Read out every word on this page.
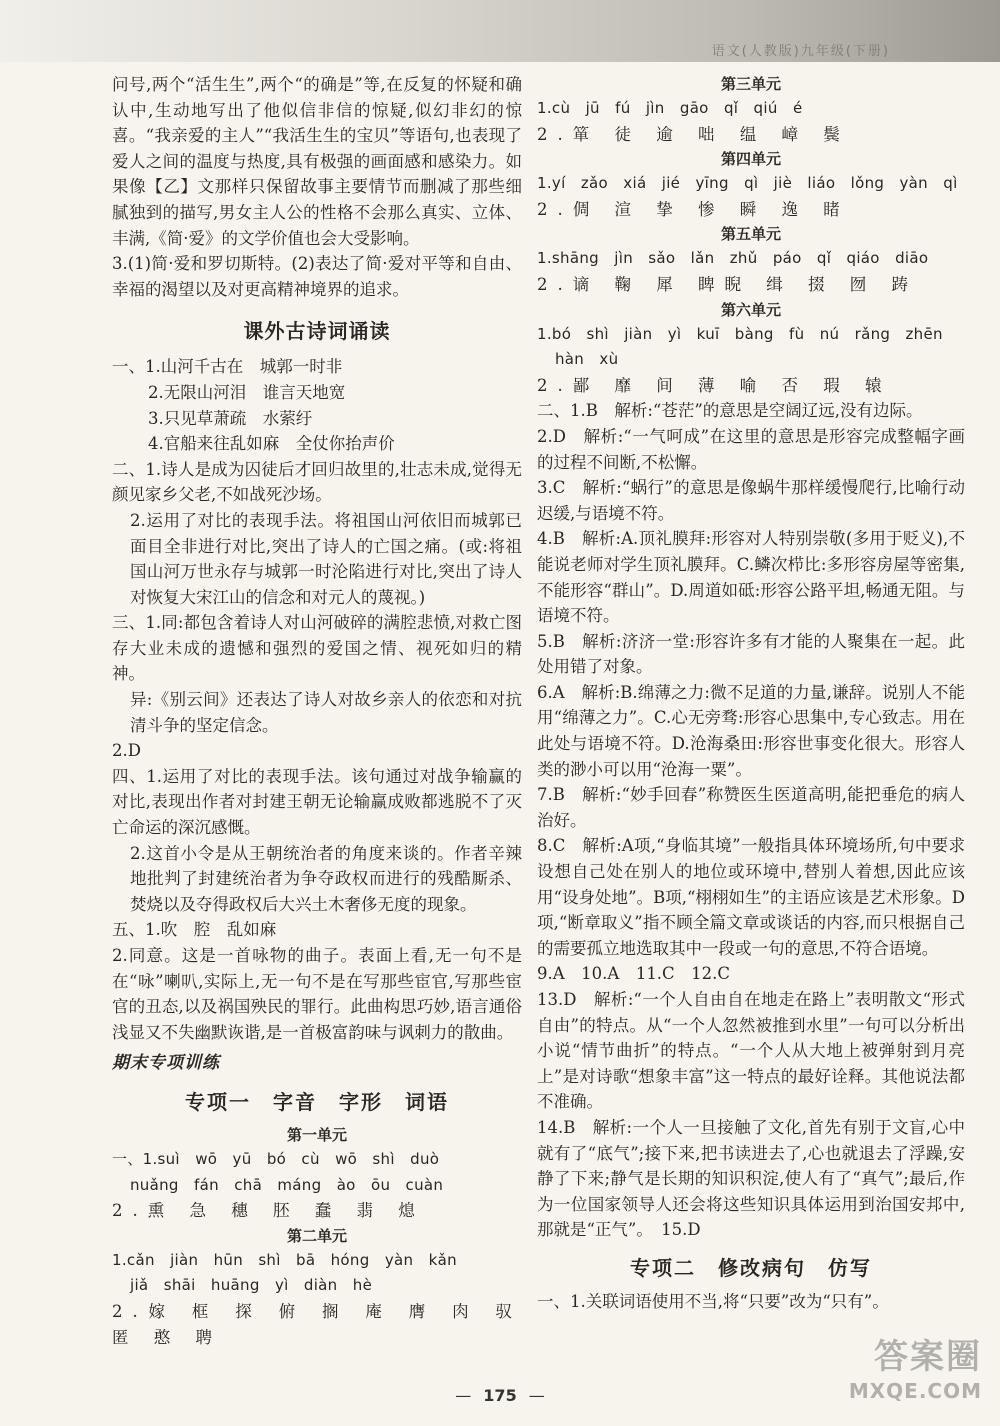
语文(人教版)九年级(下册)

问号,两个“活生生”,两个“的确是”等,在反复的怀疑和确认中,生动地写出了他似信非信的惊疑,似幻非幻的惊喜。“我亲爱的主人”“我活生生的宝贝”等语句,也表现了爱人之间的温度与热度,具有极强的画面感和感染力。如果像【乙】文那样只保留故事主要情节而删减了那些细腻独到的描写,男女主人公的性格不会那么真实、立体、丰满,《简·爱》的文学价值也会大受影响。

3.(1)简·爱和罗切斯特。(2)表达了简·爱对平等和自由、幸福的渴望以及对更高精神境界的追求。

课外古诗词诵读

一、1.山河千古在　城郭一时非

2.无限山河泪　谁言天地宽

3.只见草萧疏　水萦纡

4.官船来往乱如麻　全仗你抬声价

二、1.诗人是成为囚徒后才回归故里的,壮志未成,觉得无颜见家乡父老,不如战死沙场。

2.运用了对比的表现手法。将祖国山河依旧而城郭已面目全非进行对比,突出了诗人的亡国之痛。(或:将祖国山河万世永存与城郭一时沦陷进行对比,突出了诗人对恢复大宋江山的信念和对元人的蔑视。)

三、1.同:都包含着诗人对山河破碎的满腔悲愤,对救亡图存大业未成的遗憾和强烈的爱国之情、视死如归的精神。

异:《别云间》还表达了诗人对故乡亲人的依恋和对抗清斗争的坚定信念。

2.D

四、1.运用了对比的表现手法。该句通过对战争输赢的对比,表现出作者对封建王朝无论输赢成败都逃脱不了灭亡命运的深沉感慨。

2.这首小令是从王朝统治者的角度来谈的。作者辛辣地批判了封建统治者为争夺政权而进行的残酷厮杀、焚烧以及夺得政权后大兴土木奢侈无度的现象。

五、1.吹　腔　乱如麻

2.同意。这是一首咏物的曲子。表面上看,无一句不是在“咏”喇叭,实际上,无一句不是在写那些宦官,写那些宦官的丑态,以及祸国殃民的罪行。此曲构思巧妙,语言通俗浅显又不失幽默诙谐,是一首极富韵味与讽刺力的散曲。

期末专项训练
专项一　字音　字形　词语

第一单元

一、1.suì　wō　yū　bó　cù　wō　shì　duò

nuǎng　fán　chā　máng　ào　ōu　cuàn

2.熏 急 穗 胚 蠢 翡 熄

第二单元

1.cǎn　jiàn　hūn　shì　bā　hóng　yàn　kǎn

jiǎ　shāi　huāng　yì　diàn　hè

2.嫁 框 探 俯 搁 庵 膺 肉 驭 匿 憨 聘

第三单元

1.cù　jū　fú　jìn　gāo　qǐ　qiú　é

2.箪 徒 逾 咄 缊 嶂 鬓

第四单元

1.yí　zǎo　xiá　jié　yīng　qì　jiè　liáo　lǒng　yàn　qì

2.倜 渲 挚 惨 瞬 逸 睹

第五单元

1.shāng　jìn　sǎo　lǎn　zhǔ　páo　qǐ　qiáo　diāo

2.谪 鞠 犀 睥睨 缉 掇 囫 踌

第六单元

1.bó　shì　jiàn　yì　kuī　bàng　fù　nú　rǎng　zhēn

hàn　xù

2.鄙 靡 间 薄 喻 否 瑕 辕

二、1.B　解析:“苍茫”的意思是空阔辽远,没有边际。

2.D　解析:“一气呵成”在这里的意思是形容完成整幅字画的过程不间断,不松懈。

3.C　解析:“蜗行”的意思是像蜗牛那样缓慢爬行,比喻行动迟缓,与语境不符。

4.B　解析:A.顶礼膜拜:形容对人特别崇敬(多用于贬义),不能说老师对学生顶礼膜拜。C.鳞次栉比:多形容房屋等密集,不能形容“群山”。D.周道如砥:形容公路平坦,畅通无阻。与语境不符。

5.B　解析:济济一堂:形容许多有才能的人聚集在一起。此处用错了对象。

6.A　解析:B.绵薄之力:微不足道的力量,谦辞。说别人不能用“绵薄之力”。C.心无旁骛:形容心思集中,专心致志。用在此处与语境不符。D.沧海桑田:形容世事变化很大。形容人类的渺小可以用“沧海一粟”。

7.B　解析:“妙手回春”称赞医生医道高明,能把垂危的病人治好。

8.C　解析:A项,“身临其境”一般指具体环境场所,句中要求设想自己处在别人的地位或环境中,替别人着想,因此应该用“设身处地”。B项,“栩栩如生”的主语应该是艺术形象。D项,“断章取义”指不顾全篇文章或谈话的内容,而只根据自己的需要孤立地选取其中一段或一句的意思,不符合语境。

9.A　10.A　11.C　12.C

13.D　解析:“一个人自由自在地走在路上”表明散文“形式自由”的特点。从“一个人忽然被推到水里”一句可以分析出小说“情节曲折”的特点。“一个人从大地上被弹射到月亮上”是对诗歌“想象丰富”这一特点的最好诠释。其他说法都不准确。

14.B　解析:一个人一旦接触了文化,首先有别于文盲,心中就有了“底气”;接下来,把书读进去了,心也就退去了浮躁,安静了下来;静气是长期的知识积淀,使人有了“真气”;最后,作为一位国家领导人还会将这些知识具体运用到治国安邦中,那就是“正气”。　15.D

专项二　修改病句　仿写

一、1.关联词语使用不当,将“只要”改为“只有”。

— 175 —
答案圈
MXQE.COM
